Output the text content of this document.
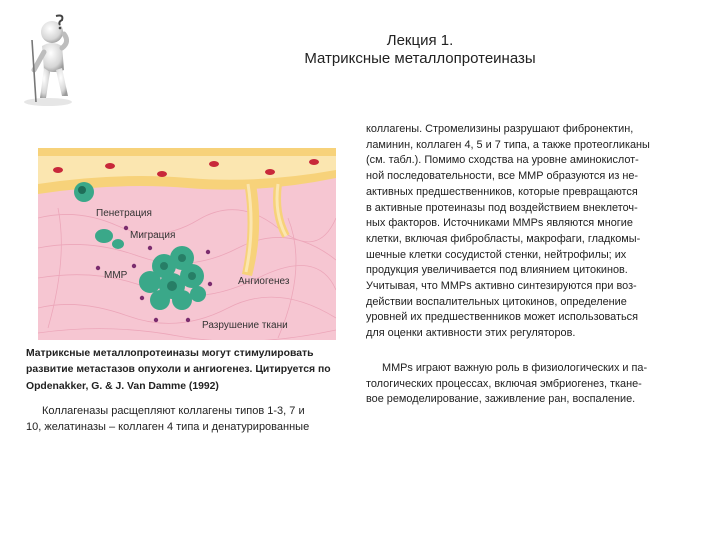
Лекция 1.
Матриксные металлопротеиназы
Пенетрация
Миграция
ММР
Ангиогенез
Разрушение ткани
Матриксные металлопротеиназы могут стимулировать
развитие метастазов опухоли и ангиогенез. Цитируется по
Opdenakker, G. & J. Van Damme (1992)
Коллагеназы расщепляют коллагены типов 1-3, 7 и
10, желатиназы – коллаген 4 типа и денатурированные
коллагены. Стромелизины разрушают фибронектин,
ламинин, коллаген 4, 5 и 7 типа, а также протеогликаны
(см. табл.). Помимо сходства на уровне аминокислот-
ной последовательности, все ММР образуются из не-
активных предшественников, которые превращаются
в активные протеиназы под воздействием внеклеточ-
ных факторов. Источниками ММРs являются многие
клетки, включая фибробласты, макрофаги, гладкомы-
шечные клетки сосудистой стенки, нейтрофилы; их
продукция увеличивается под влиянием цитокинов.
Учитывая, что ММРs активно синтезируются при воз-
действии воспалительных цитокинов, определение
уровней их предшественников может использоваться
для оценки активности этих регуляторов.
ММРs играют важную роль в физиологических и па-
тологических процессах, включая эмбриогенез, ткане-
вое ремоделирование, заживление ран, воспаление.
